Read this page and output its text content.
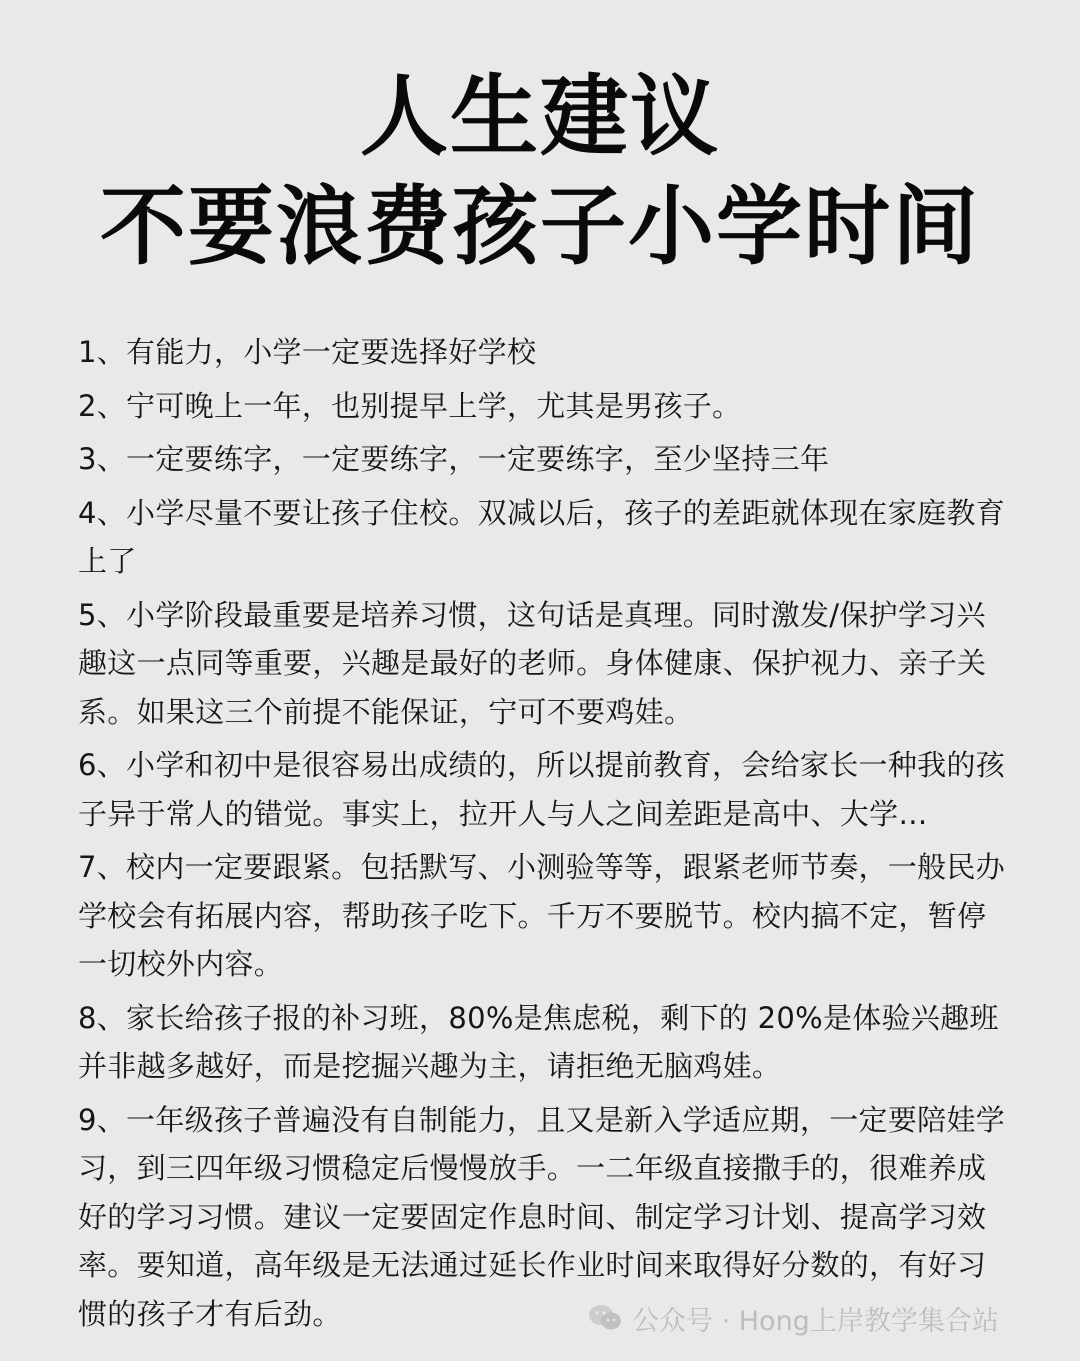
人生建议
不要浪费孩子小学时间
1、有能力，小学一定要选择好学校
2、宁可晚上一年，也别提早上学，尤其是男孩子。
3、一定要练字，一定要练字，一定要练字，至少坚持三年
4、小学尽量不要让孩子住校。双减以后，孩子的差距就体现在家庭教育上了
5、小学阶段最重要是培养习惯，这句话是真理。同时激发/保护学习兴趣这一点同等重要，兴趣是最好的老师。身体健康、保护视力、亲子关系。如果这三个前提不能保证，宁可不要鸡娃。
6、小学和初中是很容易出成绩的，所以提前教育，会给家长一种我的孩子异于常人的错觉。事实上，拉开人与人之间差距是高中、大学…
7、校内一定要跟紧。包括默写、小测验等等，跟紧老师节奏，一般民办学校会有拓展内容，帮助孩子吃下。千万不要脱节。校内搞不定，暂停一切校外内容。
8、家长给孩子报的补习班，80%是焦虑税，剩下的 20%是体验兴趣班并非越多越好，而是挖掘兴趣为主，请拒绝无脑鸡娃。
9、一年级孩子普遍没有自制能力，且又是新入学适应期，一定要陪娃学习，到三四年级习惯稳定后慢慢放手。一二年级直接撒手的，很难养成好的学习习惯。建议一定要固定作息时间、制定学习计划、提高学习效率。要知道，高年级是无法通过延长作业时间来取得好分数的，有好习惯的孩子才有后劲。	公众号 · Hong上岸教学集合站
